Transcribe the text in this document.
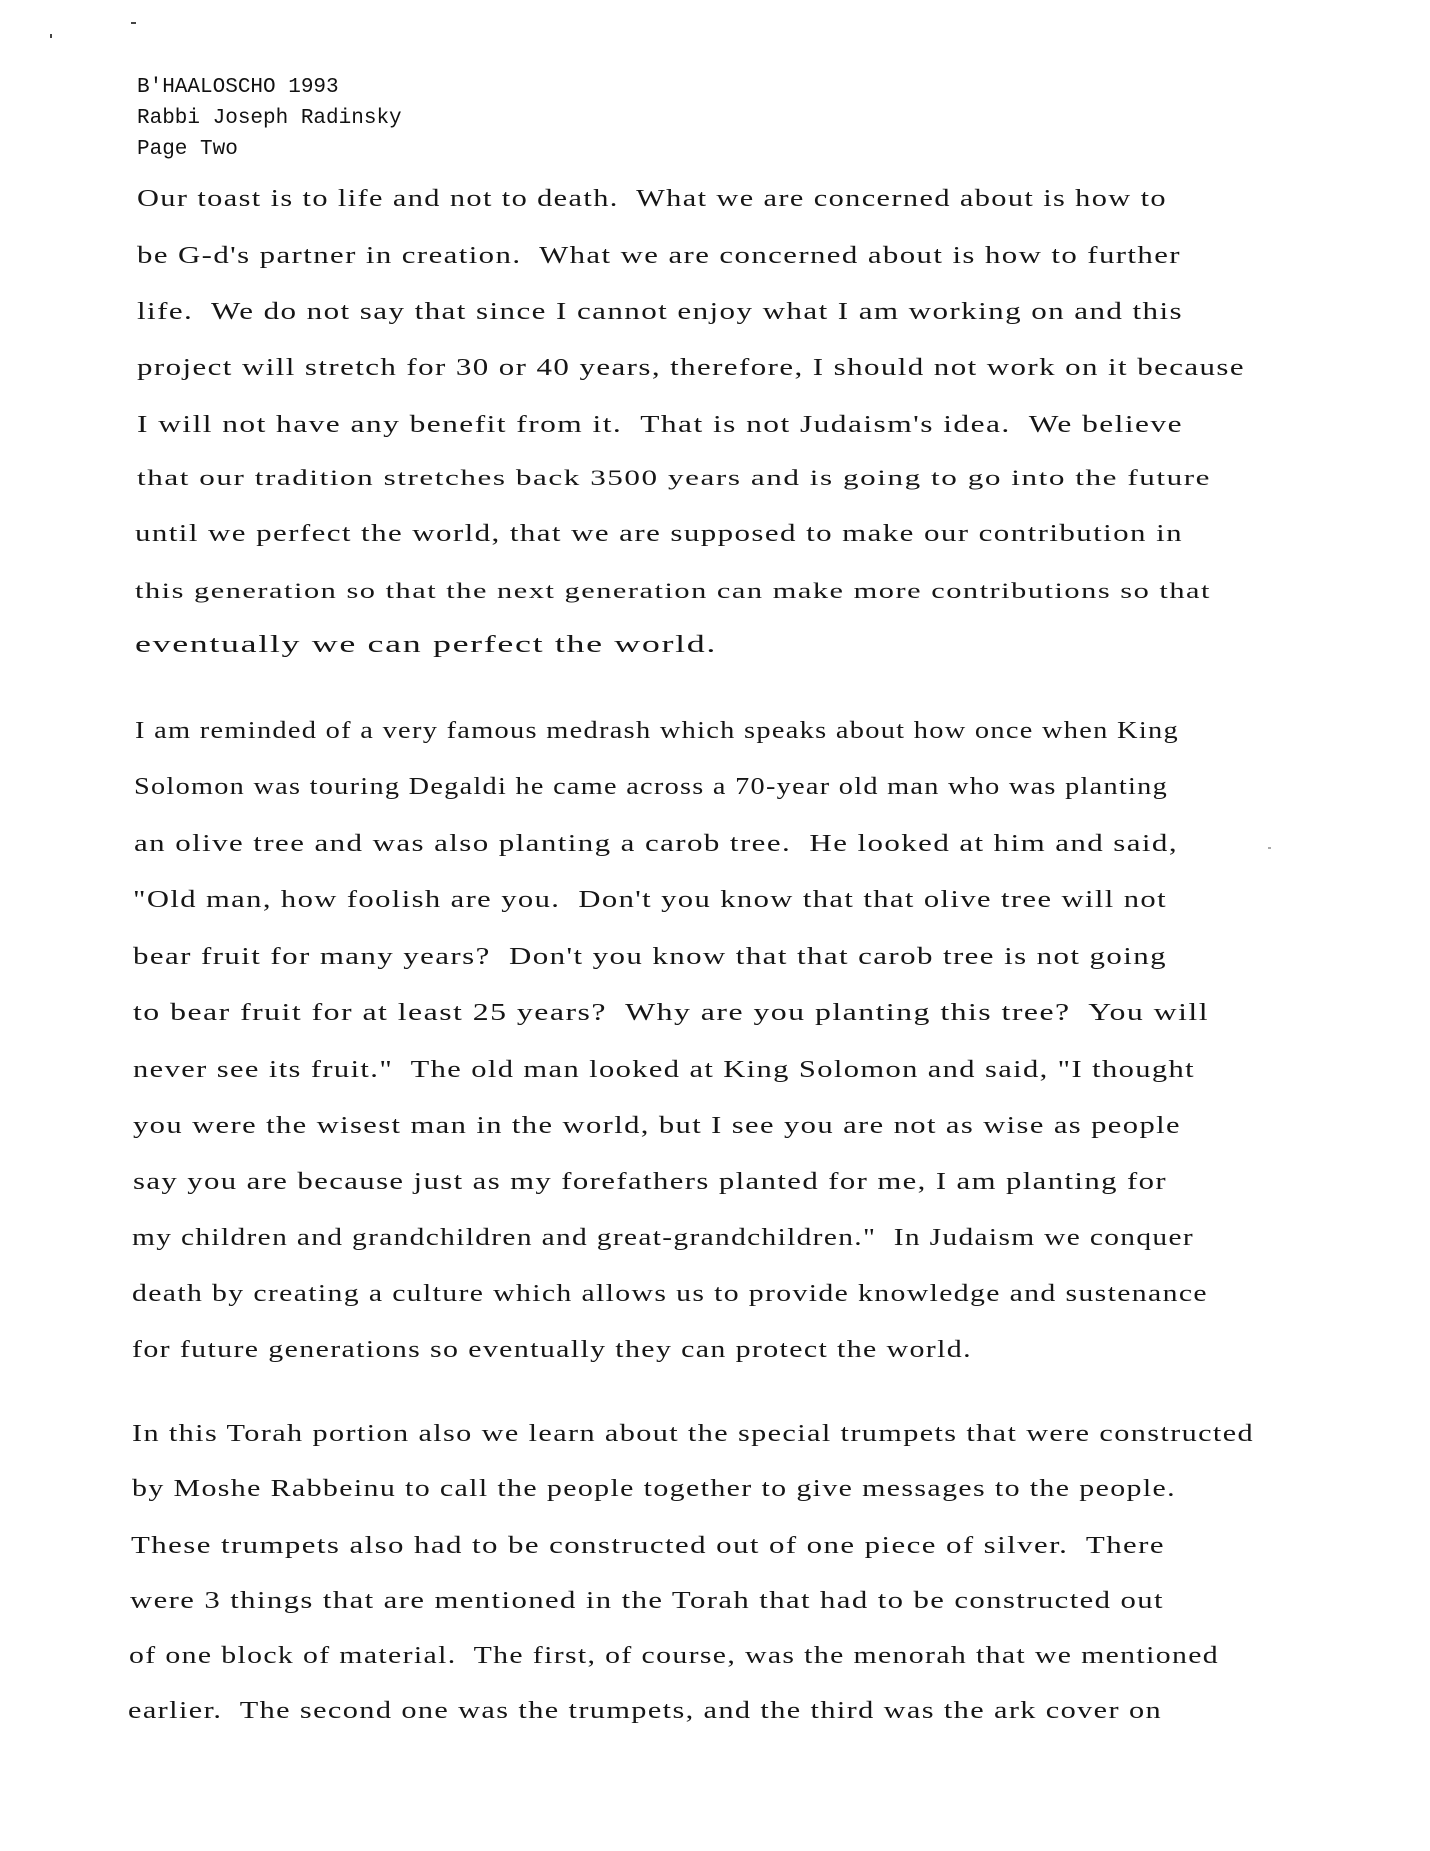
B'HAALOSCHO 1993
Rabbi Joseph Radinsky
Page Two
Our toast is to life and not to death.  What we are concerned about is how to
be G-d's partner in creation.  What we are concerned about is how to further
life.  We do not say that since I cannot enjoy what I am working on and this
project will stretch for 30 or 40 years, therefore, I should not work on it because
I will not have any benefit from it.  That is not Judaism's idea.  We believe
that our tradition stretches back 3500 years and is going to go into the future
until we perfect the world, that we are supposed to make our contribution in
this generation so that the next generation can make more contributions so that
eventually we can perfect the world.
I am reminded of a very famous medrash which speaks about how once when King
Solomon was touring Degaldi he came across a 70-year old man who was planting
an olive tree and was also planting a carob tree.  He looked at him and said,
"Old man, how foolish are you.  Don't you know that that olive tree will not
bear fruit for many years?  Don't you know that that carob tree is not going
to bear fruit for at least 25 years?  Why are you planting this tree?  You will
never see its fruit."  The old man looked at King Solomon and said, "I thought
you were the wisest man in the world, but I see you are not as wise as people
say you are because just as my forefathers planted for me, I am planting for
my children and grandchildren and great-grandchildren."  In Judaism we conquer
death by creating a culture which allows us to provide knowledge and sustenance
for future generations so eventually they can protect the world.
In this Torah portion also we learn about the special trumpets that were constructed
by Moshe Rabbeinu to call the people together to give messages to the people.
These trumpets also had to be constructed out of one piece of silver.  There
were 3 things that are mentioned in the Torah that had to be constructed out
of one block of material.  The first, of course, was the menorah that we mentioned
earlier.  The second one was the trumpets, and the third was the ark cover on
